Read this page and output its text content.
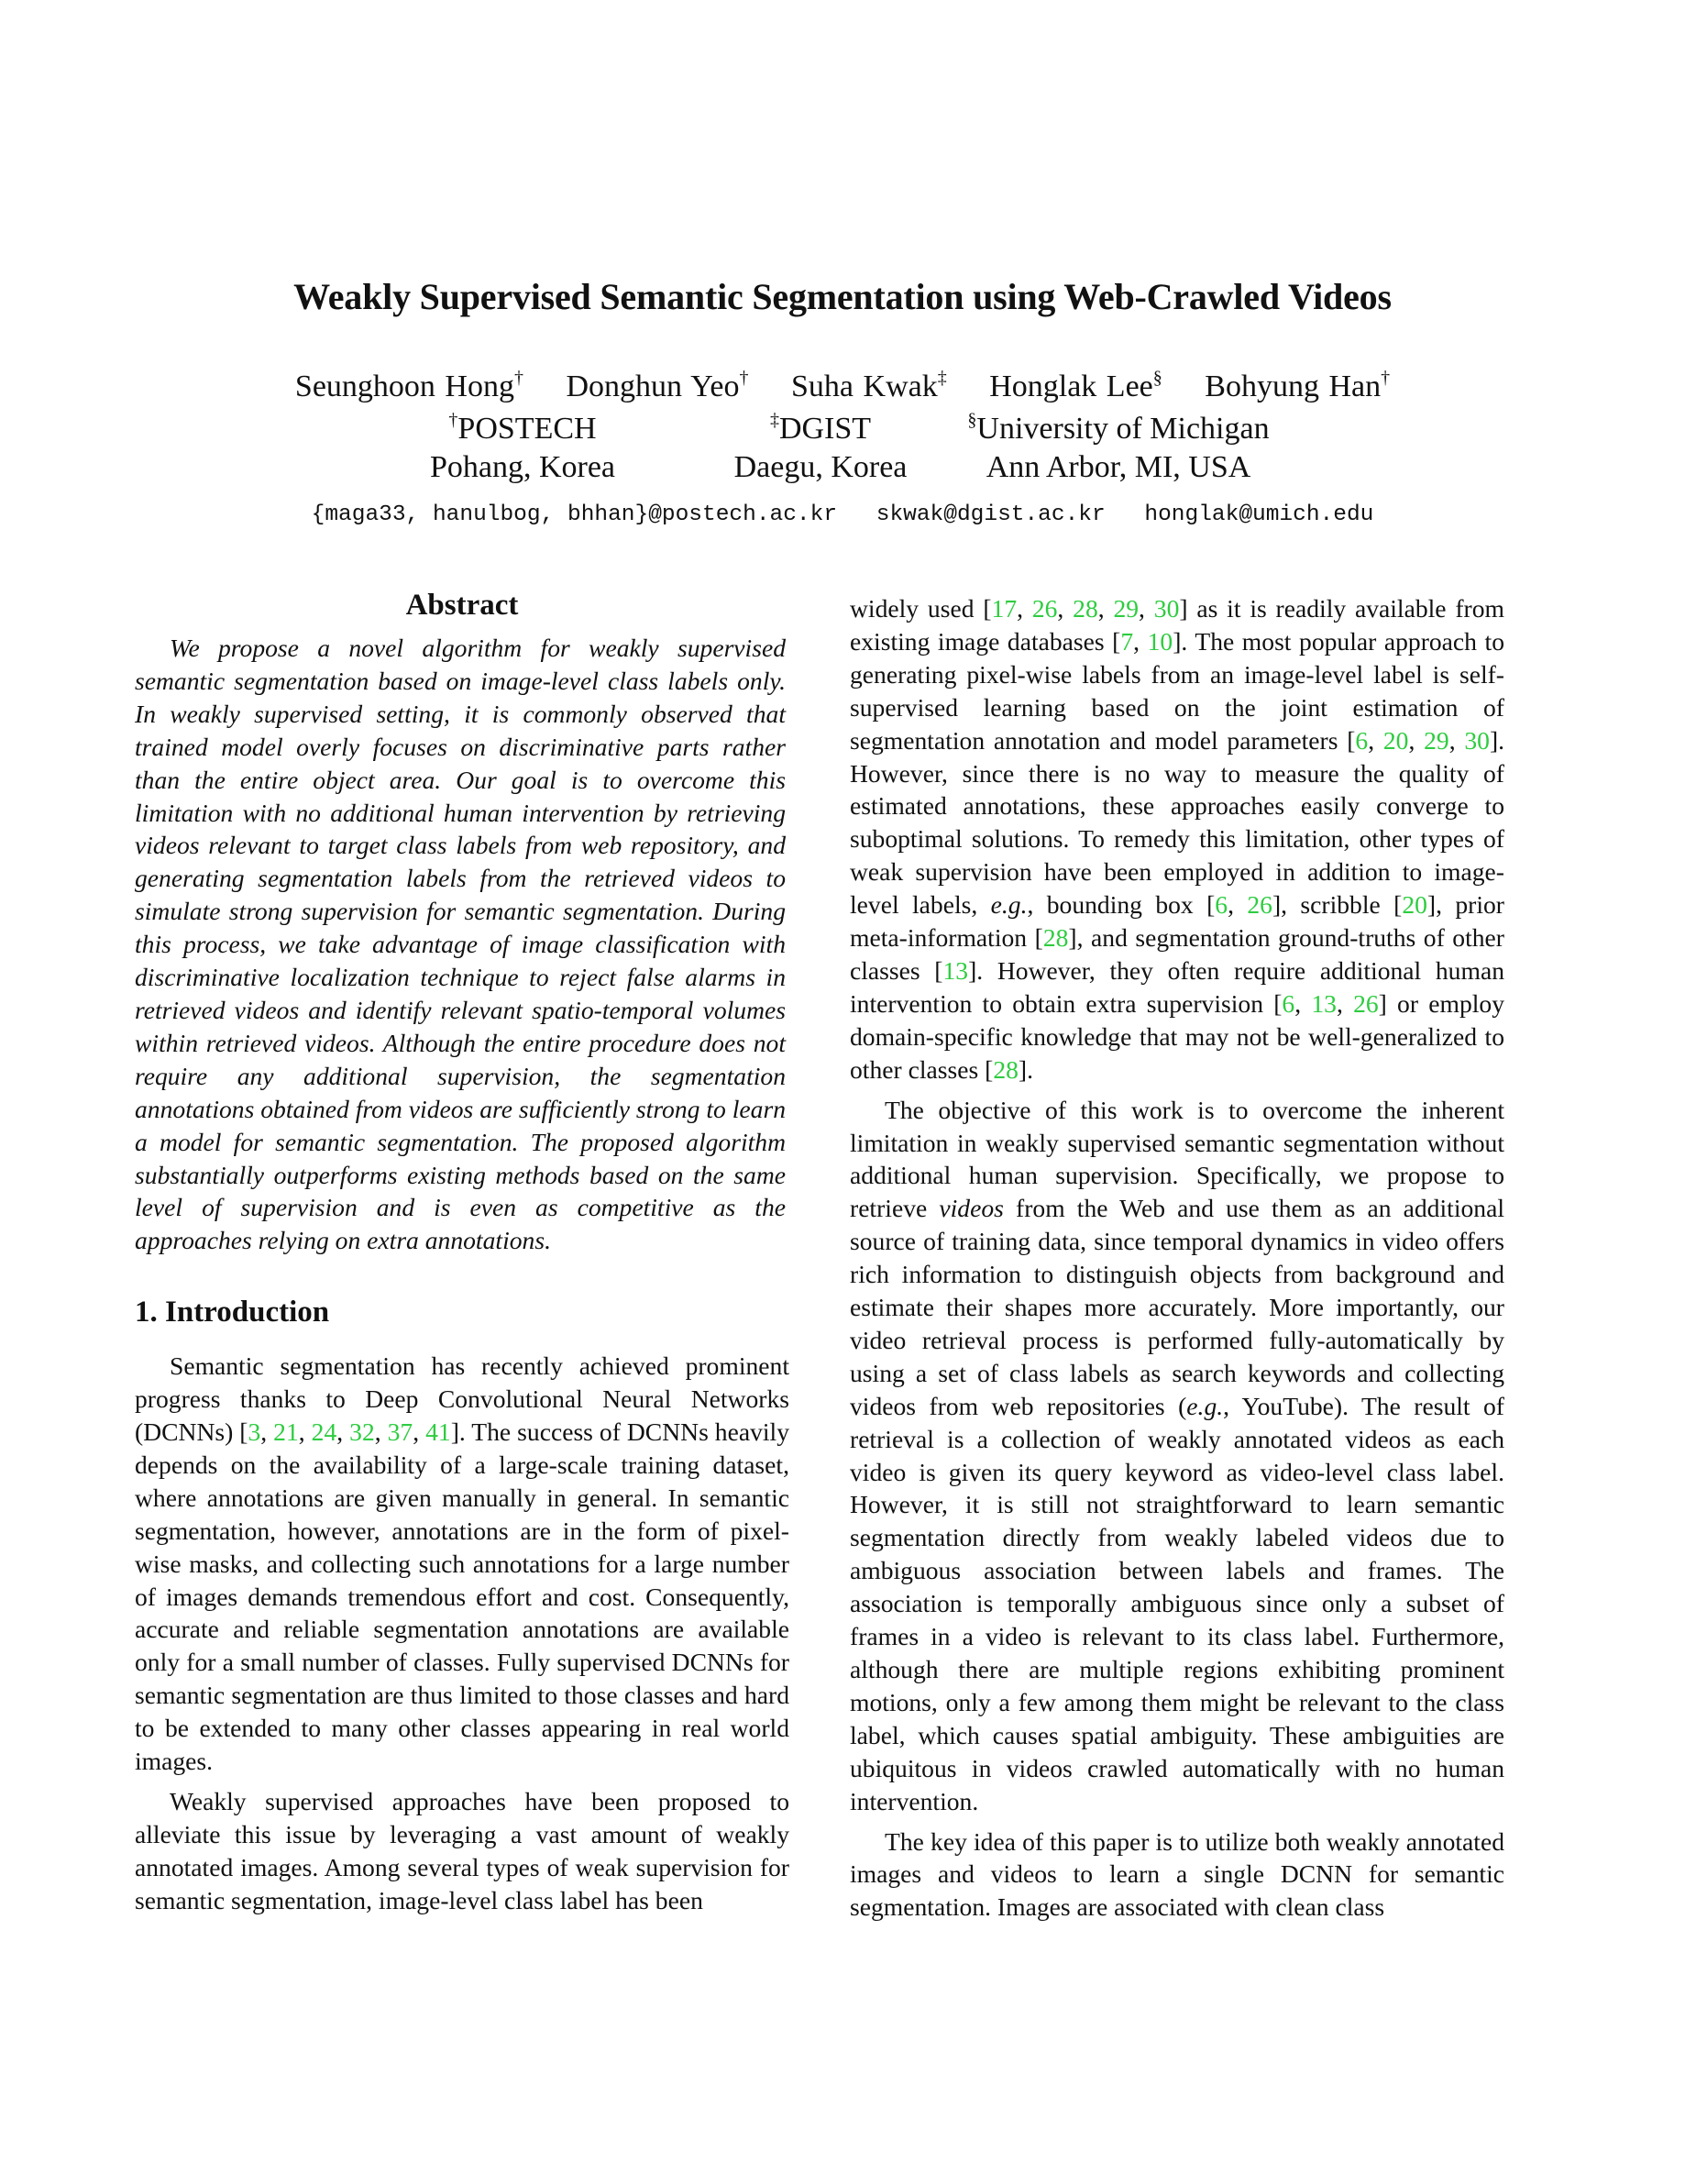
Weakly Supervised Semantic Segmentation using Web-Crawled Videos
Seunghoon Hong† Donghun Yeo† Suha Kwak‡ Honglak Lee§ Bohyung Han†
†POSTECH
Pohang, Korea
‡DGIST
Daegu, Korea
§University of Michigan
Ann Arbor, MI, USA
{maga33, hanulbog, bhhan}@postech.ac.kr skwak@dgist.ac.kr honglak@umich.edu
Abstract

We propose a novel algorithm for weakly supervised semantic segmentation based on image-level class labels only. In weakly supervised setting, it is commonly observed that trained model overly focuses on discriminative parts rather than the entire object area. Our goal is to overcome this limitation with no additional human intervention by retrieving videos relevant to target class labels from web repository, and generating segmentation labels from the retrieved videos to simulate strong supervision for semantic segmentation. During this process, we take advantage of image classification with discriminative localization technique to reject false alarms in retrieved videos and identify relevant spatio-temporal volumes within retrieved videos. Although the entire procedure does not require any additional supervision, the segmentation annotations obtained from videos are sufficiently strong to learn a model for semantic segmentation. The proposed algorithm substantially outperforms existing methods based on the same level of supervision and is even as competitive as the approaches relying on extra annotations.

1. Introduction

Semantic segmentation has recently achieved prominent progress thanks to Deep Convolutional Neural Networks (DCNNs) [3, 21, 24, 32, 37, 41]. The success of DCNNs heavily depends on the availability of a large-scale training dataset, where annotations are given manually in general. In semantic segmentation, however, annotations are in the form of pixel-wise masks, and collecting such annotations for a large number of images demands tremendous effort and cost. Consequently, accurate and reliable segmentation annotations are available only for a small number of classes. Fully supervised DCNNs for semantic segmentation are thus limited to those classes and hard to be extended to many other classes appearing in real world images.

Weakly supervised approaches have been proposed to alleviate this issue by leveraging a vast amount of weakly annotated images. Among several types of weak supervision for semantic segmentation, image-level class label has been

widely used [17, 26, 28, 29, 30] as it is readily available from existing image databases [7, 10]. The most popular approach to generating pixel-wise labels from an image-level label is self-supervised learning based on the joint estimation of segmentation annotation and model parameters [6, 20, 29, 30]. However, since there is no way to measure the quality of estimated annotations, these approaches easily converge to suboptimal solutions. To remedy this limitation, other types of weak supervision have been employed in addition to image-level labels, e.g., bounding box [6, 26], scribble [20], prior meta-information [28], and segmentation ground-truths of other classes [13]. However, they often require additional human intervention to obtain extra supervision [6, 13, 26] or employ domain-specific knowledge that may not be well-generalized to other classes [28].

The objective of this work is to overcome the inherent limitation in weakly supervised semantic segmentation without additional human supervision. Specifically, we propose to retrieve videos from the Web and use them as an additional source of training data, since temporal dynamics in video offers rich information to distinguish objects from background and estimate their shapes more accurately. More importantly, our video retrieval process is performed fully-automatically by using a set of class labels as search keywords and collecting videos from web repositories (e.g., YouTube). The result of retrieval is a collection of weakly annotated videos as each video is given its query keyword as video-level class label. However, it is still not straightforward to learn semantic segmentation directly from weakly labeled videos due to ambiguous association between labels and frames. The association is temporally ambiguous since only a subset of frames in a video is relevant to its class label. Furthermore, although there are multiple regions exhibiting prominent motions, only a few among them might be relevant to the class label, which causes spatial ambiguity. These ambiguities are ubiquitous in videos crawled automatically with no human intervention.

The key idea of this paper is to utilize both weakly annotated images and videos to learn a single DCNN for semantic segmentation. Images are associated with clean class
